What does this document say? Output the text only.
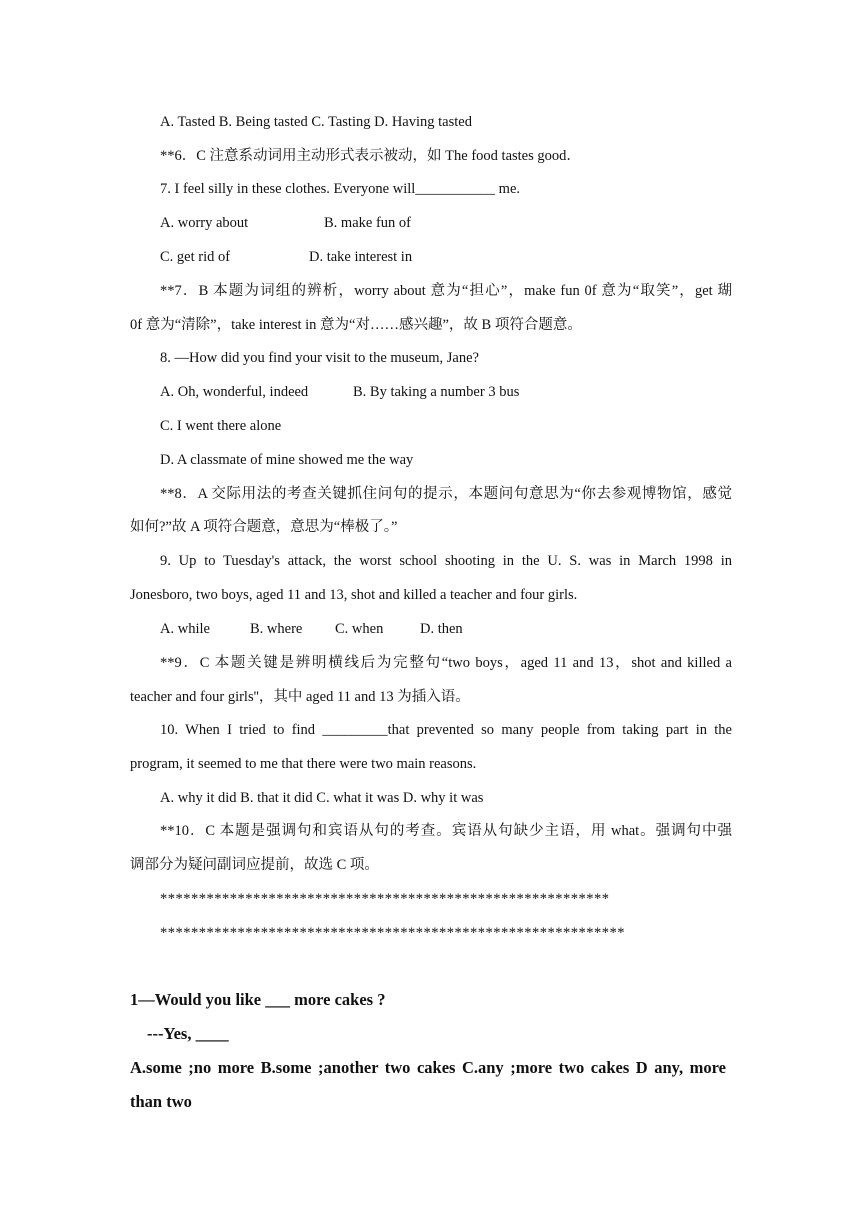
A. Tasted B. Being tasted C. Tasting D. Having tasted
**6．C 注意系动词用主动形式表示被动，如 The food tastes good．
7. I feel silly in these clothes. Everyone will___________ me.
A. worry about	B. make fun of
C. get rid of	D. take interest in
**7．B 本题为词组的辨析，worry about 意为“担心”，make fun 0f 意为“取笑”，get 瑚
0f 意为“清除”，take interest in 意为“对……感兴趣”，故 B 项符合题意。
8. —How did you find your visit to the museum, Jane?
A. Oh, wonderful, indeed	B. By taking a number 3 bus
C. I went there alone
D. A classmate of mine showed me the way
**8．A 交际用法的考查关键抓住问句的提示，本题问句意思为“你去参观博物馆，感觉
如何?”故 A 项符合题意，意思为“棒极了。”
9. Up to Tuesday's attack, the worst school shooting in the U. S. was in March 1998 in
Jonesboro, two boys, aged 11 and 13, shot and killed a teacher and four girls.
A. while	B. where C. when	D. then
**9．C 本题关键是辨明横线后为完整句“two boys，aged 11 and 13，shot and killed a
teacher and four girls''，其中 aged 11 and 13 为插入语。
10. When I tried to find _________that prevented so many people from taking part in the
program, it seemed to me that there were two main reasons.
A. why it did B. that it did C. what it was D. why it was
**10．C 本题是强调句和宾语从句的考查。宾语从句缺少主语，用 what。强调句中强
调部分为疑问副词应提前，故选 C 项。
**********************************************************
************************************************************
1—Would you like ___ more cakes ?
---Yes, ____
A.some ;no more B.some ;another two cakes C.any ;more two cakes D any, more
than two
